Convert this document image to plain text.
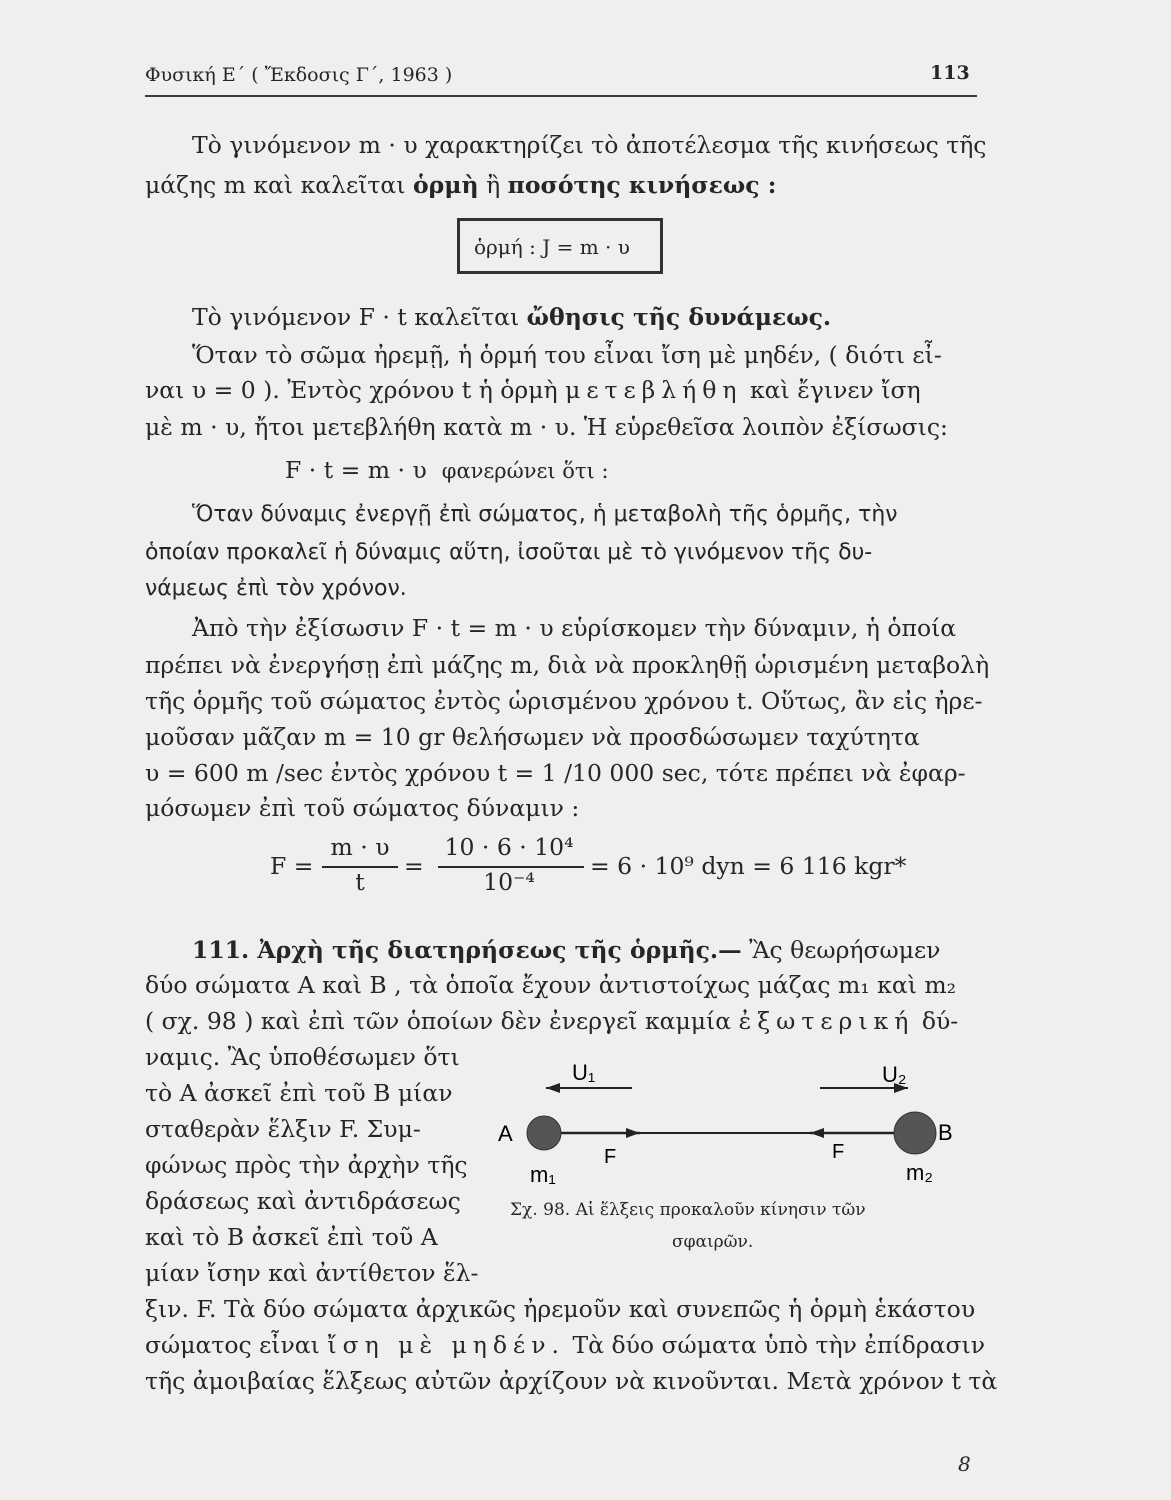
Φυσική Ε΄ ( Ἔκδοσις Γ΄, 1963 )	113
Τὸ γινόμενον m · υ χαρακτηρίζει τὸ ἀποτέλεσμα τῆς κινήσεως τῆς
μάζης m καὶ καλεῖται ὁρμὴ ἢ ποσότης κινήσεως :
ὁρμή : J = m · υ
Τὸ γινόμενον F · t καλεῖται ὤθησις τῆς δυνάμεως.
Ὅταν τὸ σῶμα ἠρεμῇ, ἡ ὁρμή του εἶναι ἴση μὲ μηδέν, ( διότι εἶ-
ναι υ = 0 ). Ἐντὸς χρόνου t ἡ ὁρμὴ μετεβλήθη καὶ ἔγινεν ἴση
μὲ m · υ, ἤτοι μετεβλήθη κατὰ m · υ. Ἡ εὑρεθεῖσα λοιπὸν ἐξίσωσις:
F · t = m · υ φανερώνει ὅτι :
Ὅταν δύναμις ἐνεργῇ ἐπὶ σώματος, ἡ μεταβολὴ τῆς ὁρμῆς, τὴν
ὁποίαν προκαλεῖ ἡ δύναμις αὕτη, ἰσοῦται μὲ τὸ γινόμενον τῆς δυ-
νάμεως ἐπὶ τὸν χρόνον.
Ἀπὸ τὴν ἐξίσωσιν F · t = m · υ εὑρίσκομεν τὴν δύναμιν, ἡ ὁποία
πρέπει νὰ ἐνεργήσῃ ἐπὶ μάζης m, διὰ νὰ προκληθῇ ὡρισμένη μεταβολὴ
τῆς ὁρμῆς τοῦ σώματος ἐντὸς ὡρισμένου χρόνου t. Οὕτως, ἂν εἰς ἠρε-
μοῦσαν μᾶζαν m = 10 gr θελήσωμεν νὰ προσδώσωμεν ταχύτητα
υ = 600 m /sec ἐντὸς χρόνου t = 1 /10 000 sec, τότε πρέπει νὰ ἐφαρ-
μόσωμεν ἐπὶ τοῦ σώματος δύναμιν :
F =
m · υ
t
=
10 · 6 · 10⁴
10⁻⁴
= 6 · 10⁹ dyn = 6 116 kgr*
111. Ἀρχὴ τῆς διατηρήσεως τῆς ὁρμῆς.— Ἂς θεωρήσωμεν
δύο σώματα A καὶ B , τὰ ὁποῖα ἔχουν ἀντιστοίχως μάζας m₁ καὶ m₂
( σχ. 98 ) καὶ ἐπὶ τῶν ὁποίων δὲν ἐνεργεῖ καμμία ἐξωτερική δύ-
ναμις. Ἂς ὑποθέσωμεν ὅτι
τὸ A ἀσκεῖ ἐπὶ τοῦ B μίαν
σταθερὰν ἕλξιν F. Συμ-
φώνως πρὸς τὴν ἀρχὴν τῆς
δράσεως καὶ ἀντιδράσεως
καὶ τὸ B ἀσκεῖ ἐπὶ τοῦ A
μίαν ἴσην καὶ ἀντίθετον ἕλ-
ξιν. F. Τὰ δύο σώματα ἀρχικῶς ἠρεμοῦν καὶ συνεπῶς ἡ ὁρμὴ ἑκάστου
σώματος εἶναι ἴση μὲ μηδέν. Τὰ δύο σώματα ὑπὸ τὴν ἐπίδρασιν
τῆς ἀμοιβαίας ἕλξεως αὐτῶν ἀρχίζουν νὰ κινοῦνται. Μετὰ χρόνον t τὰ
U₁	U₂
A	B
F	F
m₁	m₂
Σχ. 98. Αἱ ἕλξεις προκαλοῦν κίνησιν τῶν
σφαιρῶν.
8
